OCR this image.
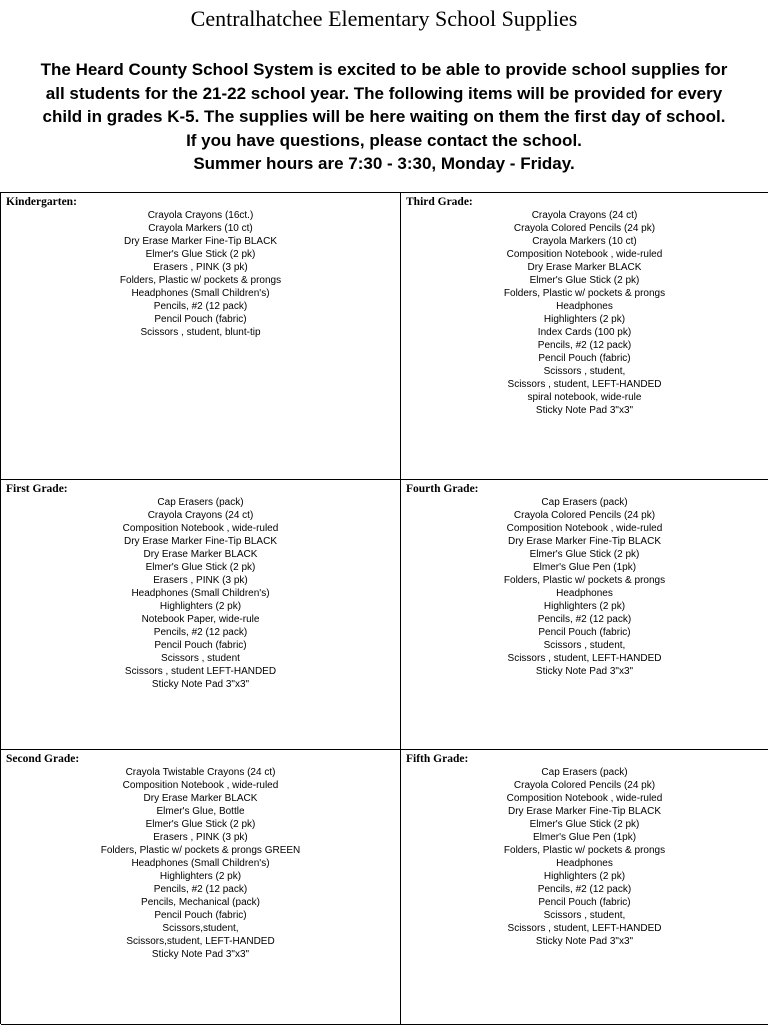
Centralhatchee Elementary School Supplies
The Heard County School System is excited to be able to provide school supplies for
all students for the 21-22 school year. The following items will be provided for every
child in grades K-5. The supplies will be here waiting on them the first day of school.
If you have questions, please contact the school.
Summer hours are 7:30 - 3:30, Monday - Friday.
Kindergarten:
Crayola Crayons (16ct.)
Crayola Markers (10 ct)
Dry Erase Marker Fine-Tip BLACK
Elmer's Glue Stick (2 pk)
Erasers , PINK (3 pk)
Folders, Plastic w/ pockets & prongs
Headphones (Small Children's)
Pencils, #2 (12 pack)
Pencil Pouch (fabric)
Scissors , student, blunt-tip
Third Grade:
Crayola Crayons (24 ct)
Crayola Colored Pencils (24 pk)
Crayola Markers (10 ct)
Composition Notebook , wide-ruled
Dry Erase Marker BLACK
Elmer's Glue Stick (2 pk)
Folders, Plastic w/ pockets & prongs
Headphones
Highlighters (2 pk)
Index Cards (100 pk)
Pencils, #2 (12 pack)
Pencil Pouch (fabric)
Scissors , student,
Scissors , student, LEFT-HANDED
spiral notebook, wide-rule
Sticky Note Pad 3"x3"
First Grade:
Cap Erasers (pack)
Crayola Crayons (24 ct)
Composition Notebook , wide-ruled
Dry Erase Marker Fine-Tip BLACK
Dry Erase Marker BLACK
Elmer's Glue Stick (2 pk)
Erasers , PINK (3 pk)
Headphones (Small Children's)
Highlighters (2 pk)
Notebook Paper, wide-rule
Pencils, #2 (12 pack)
Pencil Pouch (fabric)
Scissors , student
Scissors , student LEFT-HANDED
Sticky Note Pad 3"x3"
Fourth Grade:
Cap Erasers (pack)
Crayola Colored Pencils (24 pk)
Composition Notebook , wide-ruled
Dry Erase Marker Fine-Tip BLACK
Elmer's Glue Stick (2 pk)
Elmer's Glue Pen (1pk)
Folders, Plastic w/ pockets & prongs
Headphones
Highlighters (2 pk)
Pencils, #2 (12 pack)
Pencil Pouch (fabric)
Scissors , student,
Scissors , student, LEFT-HANDED
Sticky Note Pad 3"x3"
Second Grade:
Crayola Twistable Crayons (24 ct)
Composition Notebook , wide-ruled
Dry Erase Marker BLACK
Elmer's Glue, Bottle
Elmer's Glue Stick (2 pk)
Erasers , PINK (3 pk)
Folders, Plastic w/ pockets & prongs GREEN
Headphones (Small Children's)
Highlighters (2 pk)
Pencils, #2 (12 pack)
Pencils, Mechanical (pack)
Pencil Pouch (fabric)
Scissors,student,
Scissors,student, LEFT-HANDED
Sticky Note Pad 3"x3"
Fifth Grade:
Cap Erasers (pack)
Crayola Colored Pencils (24 pk)
Composition Notebook , wide-ruled
Dry Erase Marker Fine-Tip BLACK
Elmer's Glue Stick (2 pk)
Elmer's Glue Pen (1pk)
Folders, Plastic w/ pockets & prongs
Headphones
Highlighters (2 pk)
Pencils, #2 (12 pack)
Pencil Pouch (fabric)
Scissors , student,
Scissors , student, LEFT-HANDED
Sticky Note Pad 3"x3"
